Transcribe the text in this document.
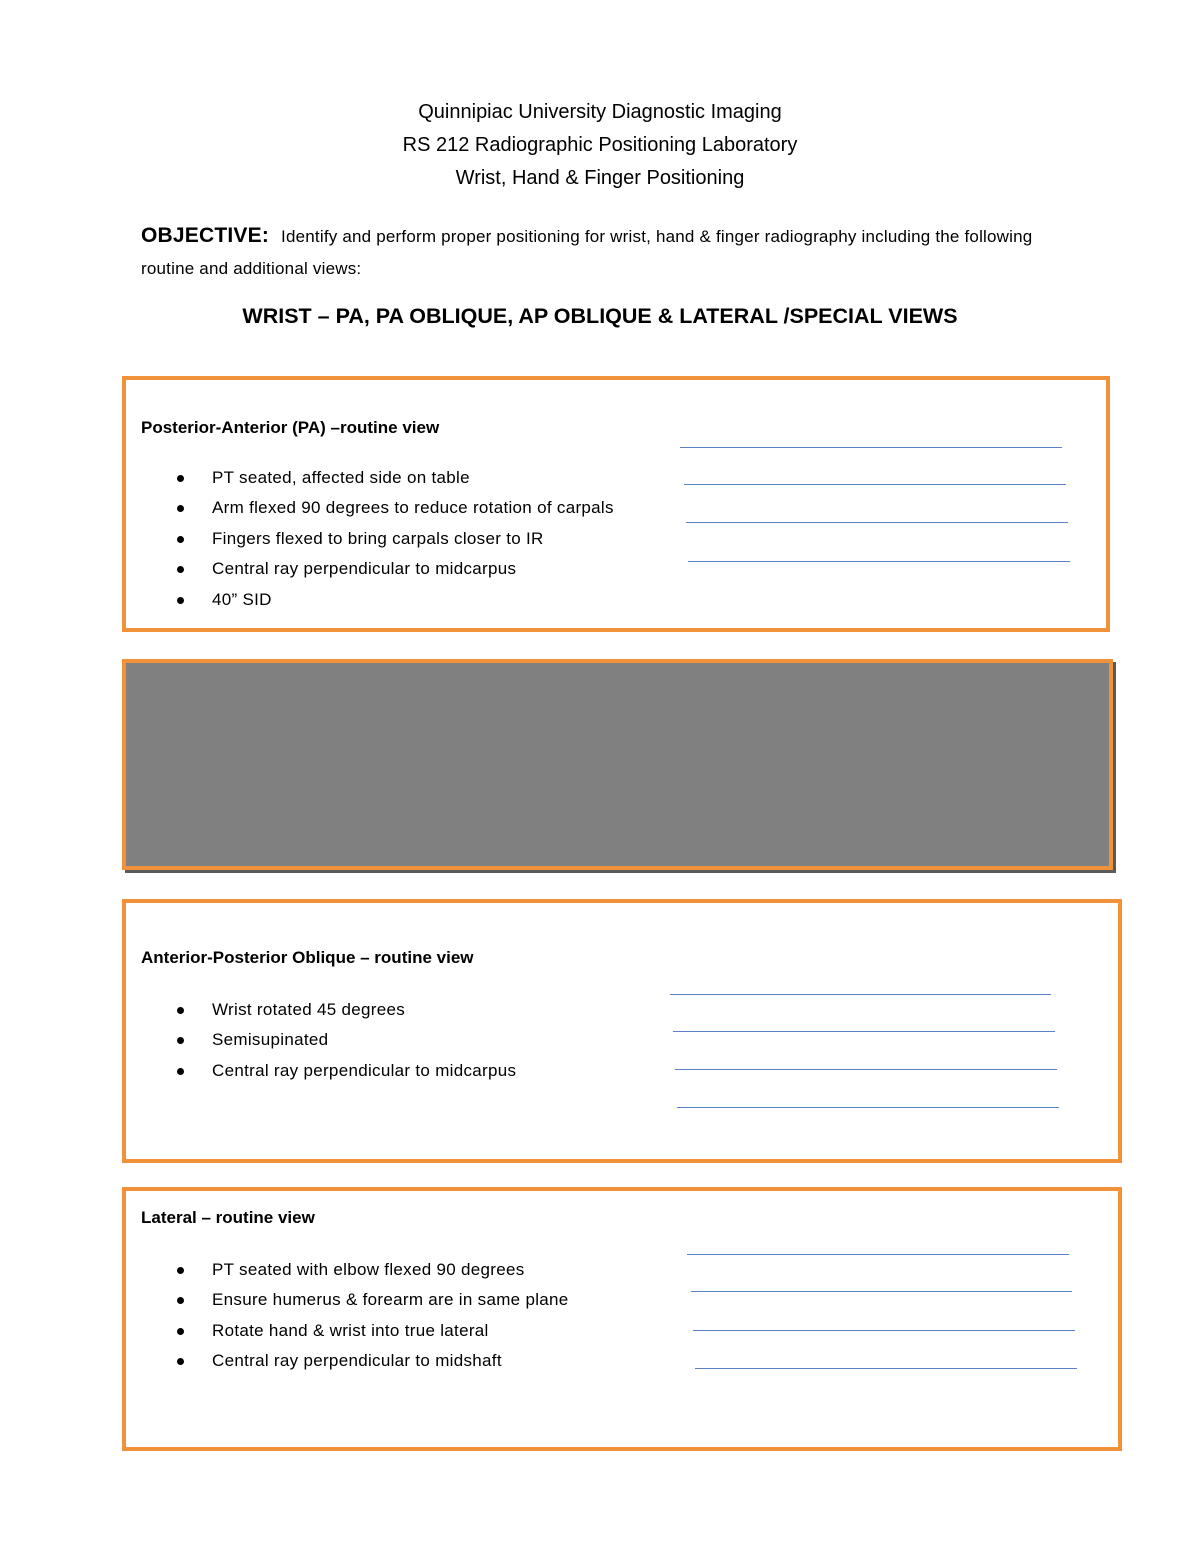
Quinnipiac University Diagnostic Imaging
RS 212 Radiographic Positioning Laboratory
Wrist, Hand & Finger Positioning
OBJECTIVE: Identify and perform proper positioning for wrist, hand & finger radiography including the following routine and additional views:
WRIST – PA, PA OBLIQUE, AP OBLIQUE & LATERAL /SPECIAL VIEWS
Posterior-Anterior (PA) –routine view
PT seated, affected side on table
Arm flexed 90 degrees to reduce rotation of carpals
Fingers flexed to bring carpals closer to IR
Central ray perpendicular to midcarpus
40” SID
Anterior-Posterior Oblique – routine view
Wrist rotated 45 degrees
Semisupinated
Central ray perpendicular to midcarpus
Lateral – routine view
PT seated with elbow flexed 90 degrees
Ensure humerus & forearm are in same plane
Rotate hand & wrist into true lateral
Central ray perpendicular to midshaft
